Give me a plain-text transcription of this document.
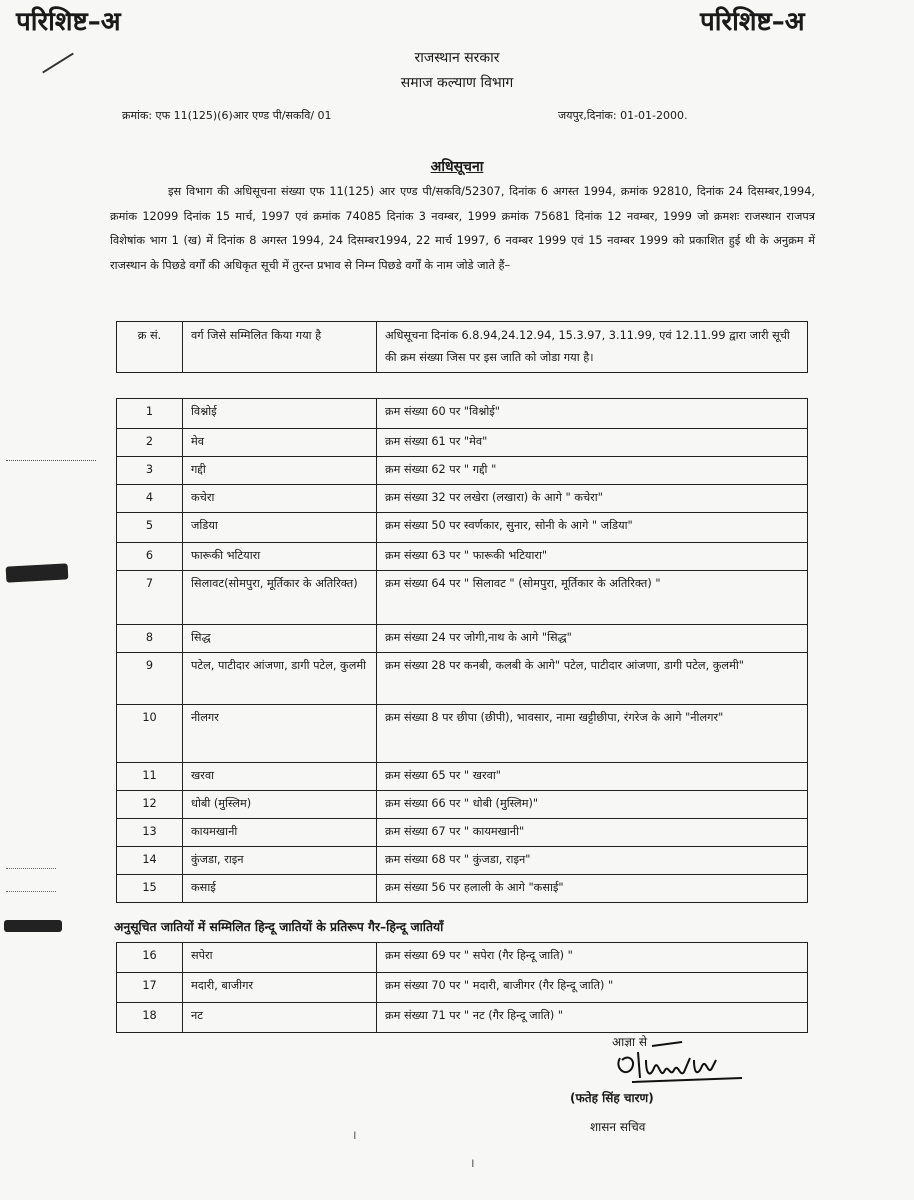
परिशिष्ट–अ	परिशिष्ट–अ
राजस्थान सरकार
समाज कल्याण विभाग
क्रमांक: एफ 11(125)(6)आर एण्ड पी/सकवि/ 01	जयपुर,दिनांक: 01-01-2000.
अधिसूचना
इस विभाग की अधिसूचना संख्या एफ 11(125) आर एण्ड पी/सकवि/52307, दिनांक 6 अगस्त 1994, क्रमांक 92810, दिनांक 24 दिसम्बर,1994, क्रमांक 12099 दिनांक 15 मार्च, 1997 एवं क्रमांक 74085 दिनांक 3 नवम्बर, 1999 क्रमांक 75681 दिनांक 12 नवम्बर, 1999 जो क्रमशः राजस्थान राजपत्र विशेषांक भाग 1 (ख) में दिनांक 8 अगस्त 1994, 24 दिसम्बर1994, 22 मार्च 1997, 6 नवम्बर 1999 एवं 15 नवम्बर 1999 को प्रकाशित हुई थी के अनुक्रम में राजस्थान के पिछडे वर्गों की अधिकृत सूची में तुरन्त प्रभाव से निम्न पिछडे वर्गों के नाम जोडे जाते हैं–
क्र सं.	वर्ग जिसे सम्मिलित किया गया है	अधिसूचना दिनांक 6.8.94,24.12.94, 15.3.97, 3.11.99, एवं 12.11.99 द्वारा जारी सूची की क्रम संख्या जिस पर इस जाति को जोडा गया है।
1	विश्नोई	क्रम संख्या 60 पर "विश्नोई"
2	मेव	क्रम संख्या 61 पर "मेव"
3	गद्दी	क्रम संख्या 62 पर " गद्दी "
4	कचेरा	क्रम संख्या 32 पर लखेरा (लखारा) के आगे " कचेरा"
5	जडिया	क्रम संख्या 50 पर स्वर्णकार, सुनार, सोनी के आगे " जडिया"
6	फारूकी भटियारा	क्रम संख्या 63 पर " फारूकी भटियारा"
7	सिलावट(सोमपुरा, मूर्तिकार के अतिरिक्त)	क्रम संख्या 64 पर " सिलावट " (सोमपुरा, मूर्तिकार के अतिरिक्त) "
8	सिद्ध	क्रम संख्या 24 पर जोगी,नाथ के आगे "सिद्ध"
9	पटेल, पाटीदार आंजणा, डागी पटेल, कुलमी	क्रम संख्या 28 पर कनबी, कलबी के आगे" पटेल, पाटीदार आंजणा, डागी पटेल, कुलमी"
10	नीलगर	क्रम संख्या 8 पर छीपा (छीपी), भावसार, नामा खट्टीछीपा, रंगरेज के आगे "नीलगर"
11	खरवा	क्रम संख्या 65 पर " खरवा"
12	धोबी (मुस्लिम)	क्रम संख्या 66 पर " धोबी (मुस्लिम)"
13	कायमखानी	क्रम संख्या 67 पर " कायमखानी"
14	कुंजडा, राइन	क्रम संख्या 68 पर " कुंजडा, राइन"
15	कसाई	क्रम संख्या 56 पर हलाली के आगे "कसाई"
अनुसूचित जातियों में सम्मिलित हिन्दू जातियों के प्रतिरूप गैर–हिन्दू जातियाँ
16	सपेरा	क्रम संख्या 69 पर " सपेरा (गैर हिन्दू जाति) "
17	मदारी, बाजीगर	क्रम संख्या 70 पर " मदारी, बाजीगर (गैर हिन्दू जाति) "
18	नट	क्रम संख्या 71 पर " नट (गैर हिन्दू जाति) "
आज्ञा से
(फतेह सिंह चारण)
शासन सचिव
।
।
